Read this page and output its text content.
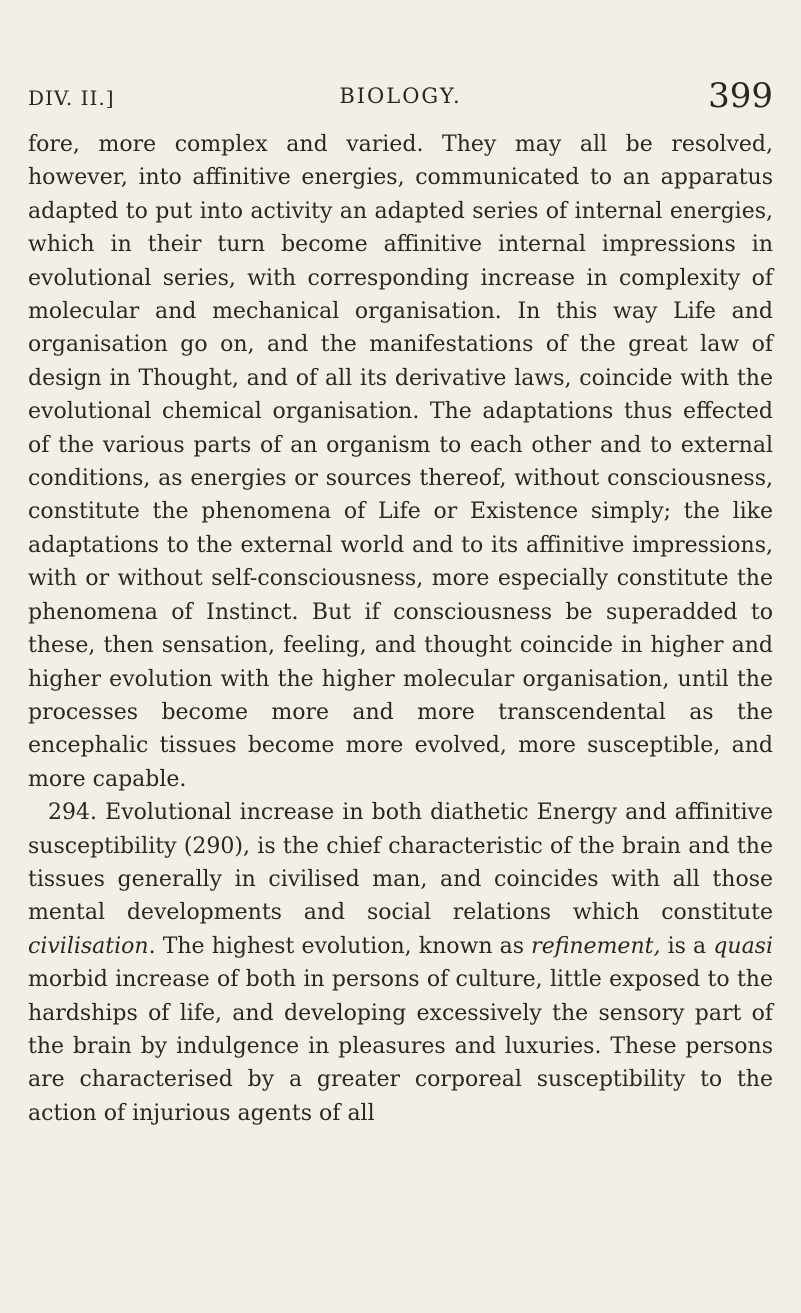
DIV. II.]	BIOLOGY.	399

fore, more complex and varied. They may all be resolved, however, into affinitive energies, communicated to an apparatus adapted to put into activity an adapted series of internal energies, which in their turn become affinitive internal impressions in evolutional series, with corresponding increase in complexity of molecular and mechanical organisation. In this way Life and organisation go on, and the manifestations of the great law of design in Thought, and of all its derivative laws, coincide with the evolutional chemical organisation. The adaptations thus effected of the various parts of an organism to each other and to external conditions, as energies or sources thereof, without consciousness, constitute the phenomena of Life or Existence simply; the like adaptations to the external world and to its affinitive impressions, with or without self-consciousness, more especially constitute the phenomena of Instinct. But if consciousness be superadded to these, then sensation, feeling, and thought coincide in higher and higher evolution with the higher molecular organisation, until the processes become more and more transcendental as the encephalic tissues become more evolved, more susceptible, and more capable.

294. Evolutional increase in both diathetic Energy and affinitive susceptibility (290), is the chief characteristic of the brain and the tissues generally in civilised man, and coincides with all those mental developments and social relations which constitute civilisation. The highest evolution, known as refinement, is a quasi morbid increase of both in persons of culture, little exposed to the hardships of life, and developing excessively the sensory part of the brain by indulgence in pleasures and luxuries. These persons are characterised by a greater corporeal susceptibility to the action of injurious agents of all
